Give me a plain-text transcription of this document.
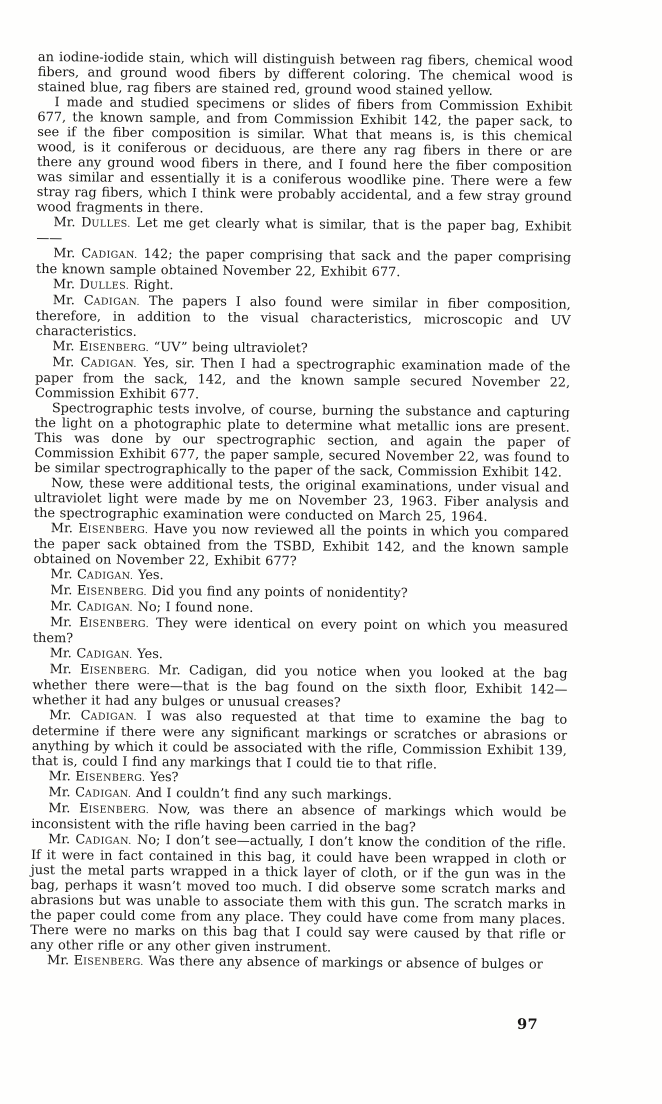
an iodine-iodide stain, which will distinguish between rag fibers, chemical wood fibers, and ground wood fibers by different coloring. The chemical wood is stained blue, rag fibers are stained red, ground wood stained yellow.

I made and studied specimens or slides of fibers from Commission Exhibit 677, the known sample, and from Commission Exhibit 142, the paper sack, to see if the fiber composition is similar. What that means is, is this chemical wood, is it coniferous or deciduous, are there any rag fibers in there or are there any ground wood fibers in there, and I found here the fiber composition was similar and essentially it is a coniferous woodlike pine. There were a few stray rag fibers, which I think were probably accidental, and a few stray ground wood fragments in there.

Mr. DULLES. Let me get clearly what is similar, that is the paper bag, Exhibit——

Mr. CADIGAN. 142; the paper comprising that sack and the paper comprising the known sample obtained November 22, Exhibit 677.

Mr. DULLES. Right.

Mr. CADIGAN. The papers I also found were similar in fiber composition, therefore, in addition to the visual characteristics, microscopic and UV characteristics.

Mr. EISENBERG. “UV” being ultraviolet?

Mr. CADIGAN. Yes, sir. Then I had a spectrographic examination made of the paper from the sack, 142, and the known sample secured November 22, Commission Exhibit 677.

Spectrographic tests involve, of course, burning the substance and capturing the light on a photographic plate to determine what metallic ions are present. This was done by our spectrographic section, and again the paper of Commission Exhibit 677, the paper sample, secured November 22, was found to be similar spectrographically to the paper of the sack, Commission Exhibit 142.

Now, these were additional tests, the original examinations, under visual and ultraviolet light were made by me on November 23, 1963. Fiber analysis and the spectrographic examination were conducted on March 25, 1964.

Mr. EISENBERG. Have you now reviewed all the points in which you compared the paper sack obtained from the TSBD, Exhibit 142, and the known sample obtained on November 22, Exhibit 677?

Mr. CADIGAN. Yes.

Mr. EISENBERG. Did you find any points of nonidentity?

Mr. CADIGAN. No; I found none.

Mr. EISENBERG. They were identical on every point on which you measured them?

Mr. CADIGAN. Yes.

Mr. EISENBERG. Mr. Cadigan, did you notice when you looked at the bag whether there were—that is the bag found on the sixth floor, Exhibit 142—whether it had any bulges or unusual creases?

Mr. CADIGAN. I was also requested at that time to examine the bag to determine if there were any significant markings or scratches or abrasions or anything by which it could be associated with the rifle, Commission Exhibit 139, that is, could I find any markings that I could tie to that rifle.

Mr. EISENBERG. Yes?

Mr. CADIGAN. And I couldn’t find any such markings.

Mr. EISENBERG. Now, was there an absence of markings which would be inconsistent with the rifle having been carried in the bag?

Mr. CADIGAN. No; I don’t see—actually, I don’t know the condition of the rifle. If it were in fact contained in this bag, it could have been wrapped in cloth or just the metal parts wrapped in a thick layer of cloth, or if the gun was in the bag, perhaps it wasn’t moved too much. I did observe some scratch marks and abrasions but was unable to associate them with this gun. The scratch marks in the paper could come from any place. They could have come from many places. There were no marks on this bag that I could say were caused by that rifle or any other rifle or any other given instrument.

Mr. EISENBERG. Was there any absence of markings or absence of bulges or

97
